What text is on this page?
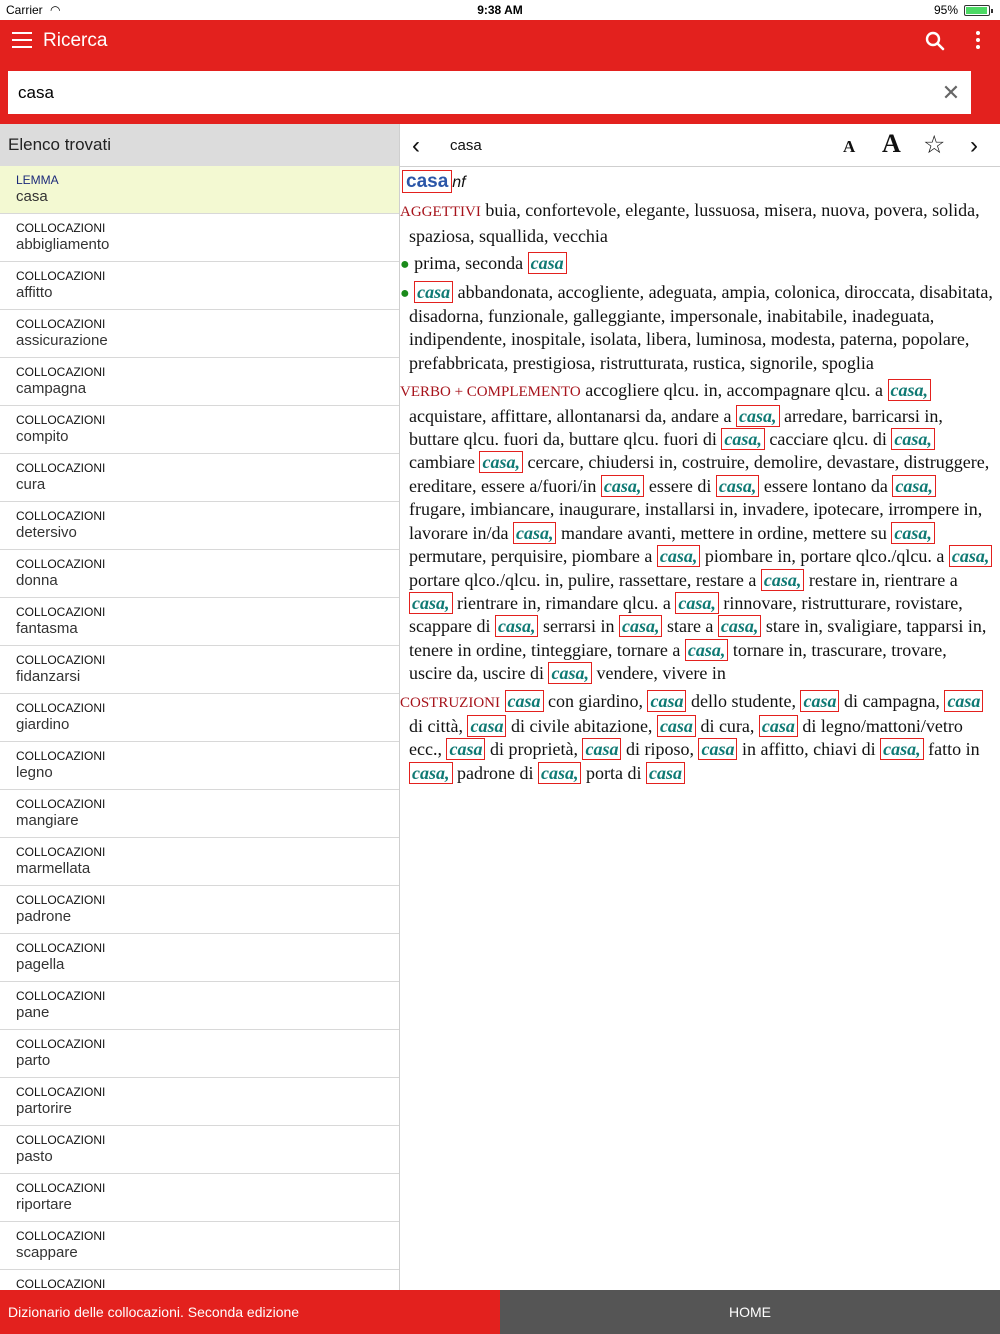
Carrier ◠	9:38 AM	95%
Ricerca
casa
✕
Elenco trovati
LEMMA
casa
COLLOCAZIONI
abbigliamento
COLLOCAZIONI
affitto
COLLOCAZIONI
assicurazione
COLLOCAZIONI
campagna
COLLOCAZIONI
compito
COLLOCAZIONI
cura
COLLOCAZIONI
detersivo
COLLOCAZIONI
donna
COLLOCAZIONI
fantasma
COLLOCAZIONI
fidanzarsi
COLLOCAZIONI
giardino
COLLOCAZIONI
legno
COLLOCAZIONI
mangiare
COLLOCAZIONI
marmellata
COLLOCAZIONI
padrone
COLLOCAZIONI
pagella
COLLOCAZIONI
pane
COLLOCAZIONI
parto
COLLOCAZIONI
partorire
COLLOCAZIONI
pasto
COLLOCAZIONI
riportare
COLLOCAZIONI
scappare
COLLOCAZIONI
‹ casa	A A ☆ ›
casa nf
AGGETTIVI buia, confortevole, elegante, lussuosa, misera, nuova, povera, solida, spaziosa, squallida, vecchia
● prima, seconda casa
● casa abbandonata, accogliente, adeguata, ampia, colonica, diroccata, disabitata, disadorna, funzionale, galleggiante, impersonale, inabitabile, inadeguata, indipendente, inospitale, isolata, libera, luminosa, modesta, paterna, popolare, prefabbricata, prestigiosa, ristrutturata, rustica, signorile, spoglia
VERBO + COMPLEMENTO accogliere qlcu. in, accompagnare qlcu. a casa, acquistare, affittare, allontanarsi da, andare a casa, arredare, barricarsi in, buttare qlcu. fuori da, buttare qlcu. fuori di casa, cacciare qlcu. di casa, cambiare casa, cercare, chiudersi in, costruire, demolire, devastare, distruggere, ereditare, essere a/fuori/in casa, essere di casa, essere lontano da casa, frugare, imbiancare, inaugurare, installarsi in, invadere, ipotecare, irrompere in, lavorare in/da casa, mandare avanti, mettere in ordine, mettere su casa, permutare, perquisire, piombare a casa, piombare in, portare qlco./qlcu. a casa, portare qlco./qlcu. in, pulire, rassettare, restare a casa, restare in, rientrare a casa, rientrare in, rimandare qlcu. a casa, rinnovare, ristrutturare, rovistare, scappare di casa, serrarsi in casa, stare a casa, stare in, svaligiare, tapparsi in, tenere in ordine, tinteggiare, tornare a casa, tornare in, trascurare, trovare, uscire da, uscire di casa, vendere, vivere in
COSTRUZIONI casa con giardino, casa dello studente, casa di campagna, casa di città, casa di civile abitazione, casa di cura, casa di legno/mattoni/vetro ecc., casa di proprietà, casa di riposo, casa in affitto, chiavi di casa, fatto in casa, padrone di casa, porta di casa
Dizionario delle collocazioni. Seconda edizione	HOME
